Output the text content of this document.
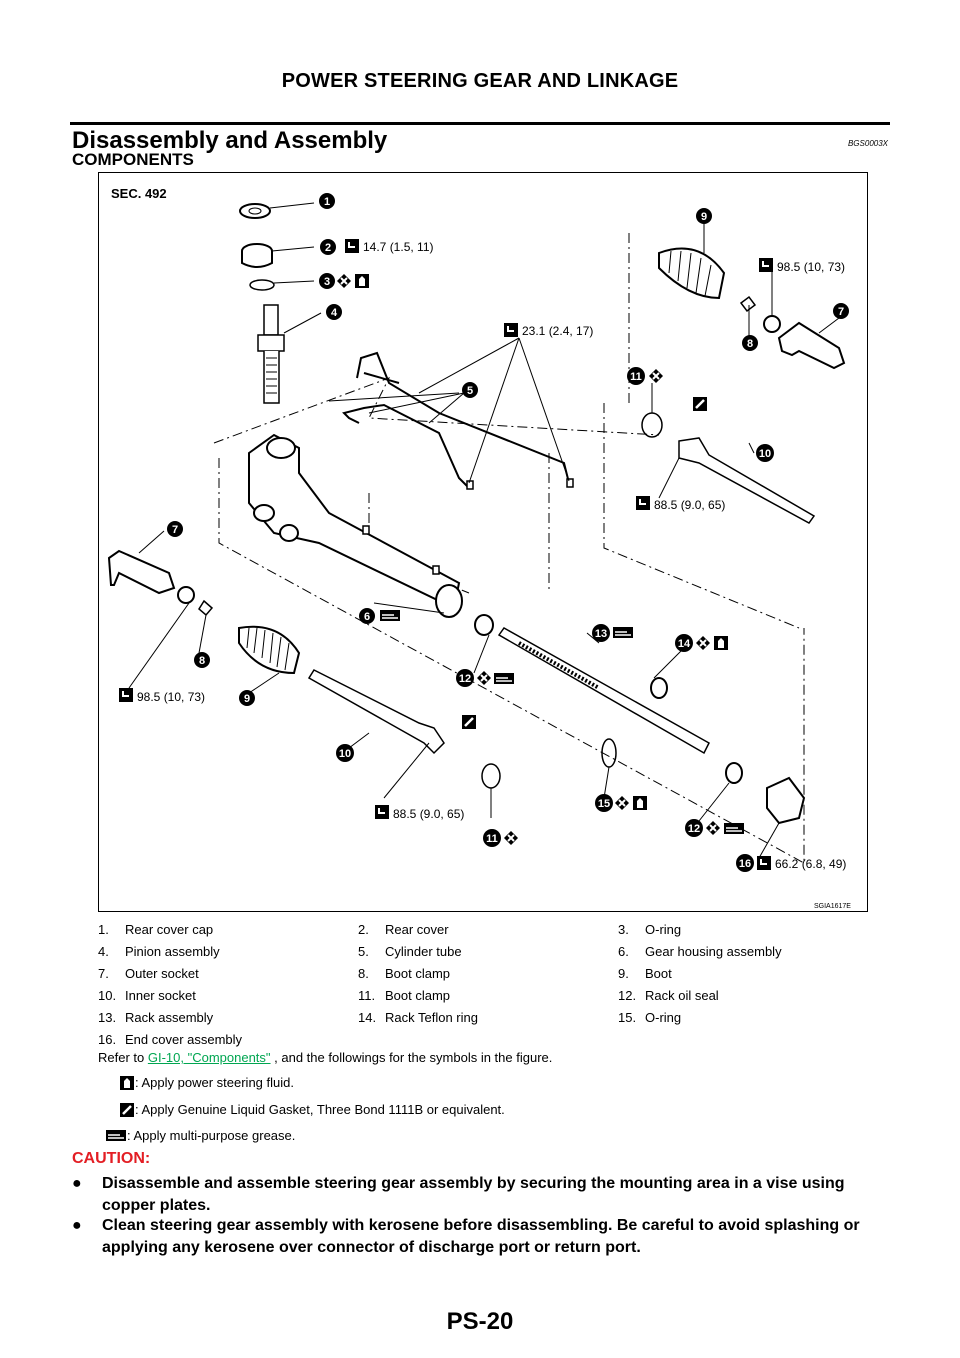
POWER STEERING GEAR AND LINKAGE
Disassembly and Assembly	BGS0003X
COMPONENTS
SEC. 492
1
2
3
4
5
6
7
7
8
8
9
9
10
10
11
11
12
12
13
14
15
16
14.7 (1.5, 11)
98.5 (10, 73)
23.1 (2.4, 17)
88.5 (9.0, 65)
98.5 (10, 73)
88.5 (9.0, 65)
66.2 (6.8, 49)
SGIA1617E
1.	Rear cover cap	2.	Rear cover	3.	O-ring
4.	Pinion assembly	5.	Cylinder tube	6.	Gear housing assembly
7.	Outer socket	8.	Boot clamp	9.	Boot
10. Inner socket	11. Boot clamp	12. Rack oil seal
13. Rack assembly	14. Rack Teflon ring	15. O-ring
16. End cover assembly
Refer to GI-10, "Components" , and the followings for the symbols in the figure.
: Apply power steering fluid.
: Apply Genuine Liquid Gasket, Three Bond 1111B or equivalent.
: Apply multi-purpose grease.
CAUTION:
● Disassemble and assemble steering gear assembly by securing the mounting area in a vise using copper plates.
● Clean steering gear assembly with kerosene before disassembling. Be careful to avoid splashing or applying any kerosene over connector of discharge port or return port.
PS-20
